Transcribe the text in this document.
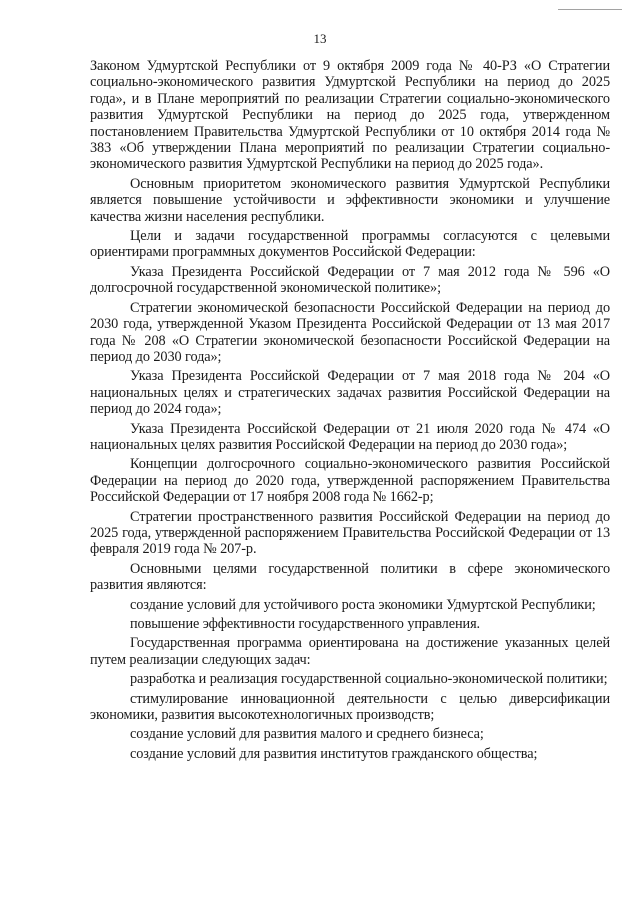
13

Законом Удмуртской Республики от 9 октября 2009 года № 40-РЗ «О Стратегии социально-экономического развития Удмуртской Республики на период до 2025 года», и в Плане мероприятий по реализации Стратегии социально-экономического развития Удмуртской Республики на период до 2025 года, утвержденном постановлением Правительства Удмуртской Республики от 10 октября 2014 года № 383 «Об утверждении Плана мероприятий по реализации Стратегии социально-экономического развития Удмуртской Республики на период до 2025 года».

Основным приоритетом экономического развития Удмуртской Республики является повышение устойчивости и эффективности экономики и улучшение качества жизни населения республики.

Цели и задачи государственной программы согласуются с целевыми ориентирами программных документов Российской Федерации:

Указа Президента Российской Федерации от 7 мая 2012 года № 596 «О долгосрочной государственной экономической политике»;

Стратегии экономической безопасности Российской Федерации на период до 2030 года, утвержденной Указом Президента Российской Федерации от 13 мая 2017 года № 208 «О Стратегии экономической безопасности Российской Федерации на период до 2030 года»;

Указа Президента Российской Федерации от 7 мая 2018 года № 204 «О национальных целях и стратегических задачах развития Российской Федерации на период до 2024 года»;

Указа Президента Российской Федерации от 21 июля 2020 года № 474 «О национальных целях развития Российской Федерации на период до 2030 года»;

Концепции долгосрочного социально-экономического развития Российской Федерации на период до 2020 года, утвержденной распоряжением Правительства Российской Федерации от 17 ноября 2008 года № 1662-р;

Стратегии пространственного развития Российской Федерации на период до 2025 года, утвержденной распоряжением Правительства Российской Федерации от 13 февраля 2019 года № 207-р.

Основными целями государственной политики в сфере экономического развития являются:

создание условий для устойчивого роста экономики Удмуртской Республики;

повышение эффективности государственного управления.

Государственная программа ориентирована на достижение указанных целей путем реализации следующих задач:

разработка и реализация государственной социально-экономической политики;

стимулирование инновационной деятельности с целью диверсификации экономики, развития высокотехнологичных производств;

создание условий для развития малого и среднего бизнеса;

создание условий для развития институтов гражданского общества;
